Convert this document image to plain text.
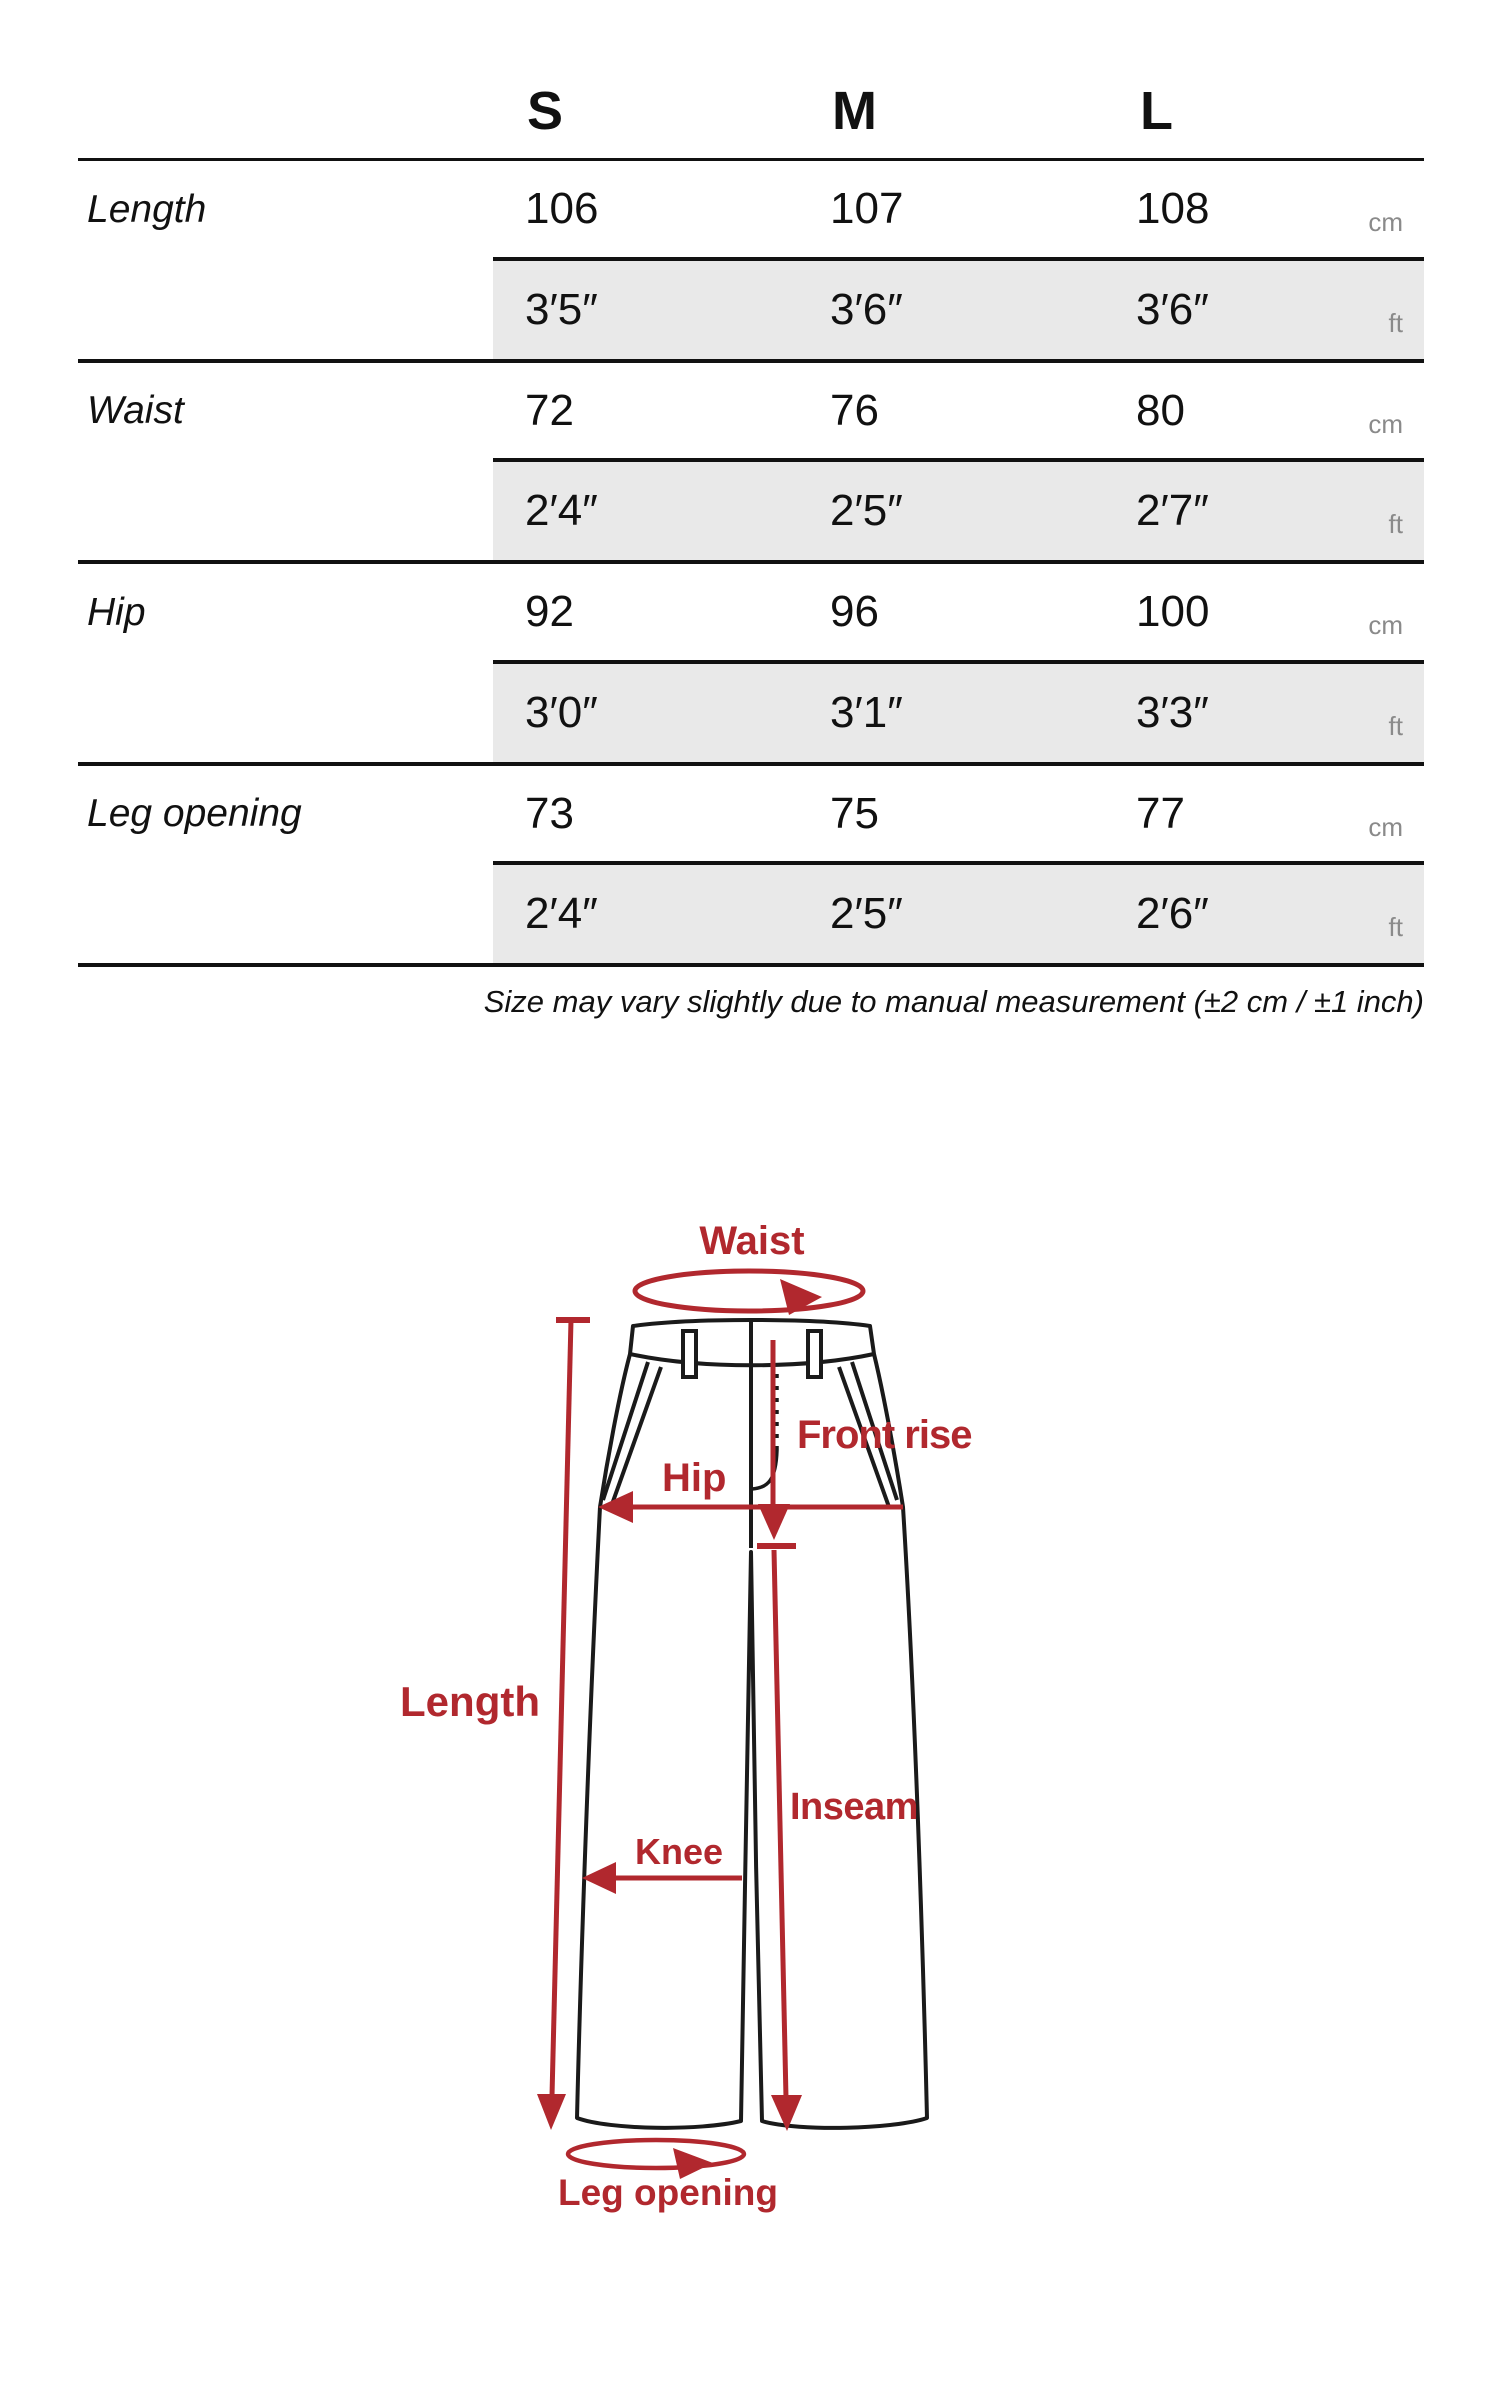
S	M	L
Length	106	107	108	cm
3′5″	3′6″	3′6″	ft
Waist	72	76	80	cm
2′4″	2′5″	2′7″	ft
Hip	92	96	100	cm
3′0″	3′1″	3′3″	ft
Leg opening	73	75	77	cm
2′4″	2′5″	2′6″	ft
Size may vary slightly due to manual measurement (±2 cm / ±1 inch)
Waist
Front rise
Hip
Length
Knee
Inseam
Leg opening
